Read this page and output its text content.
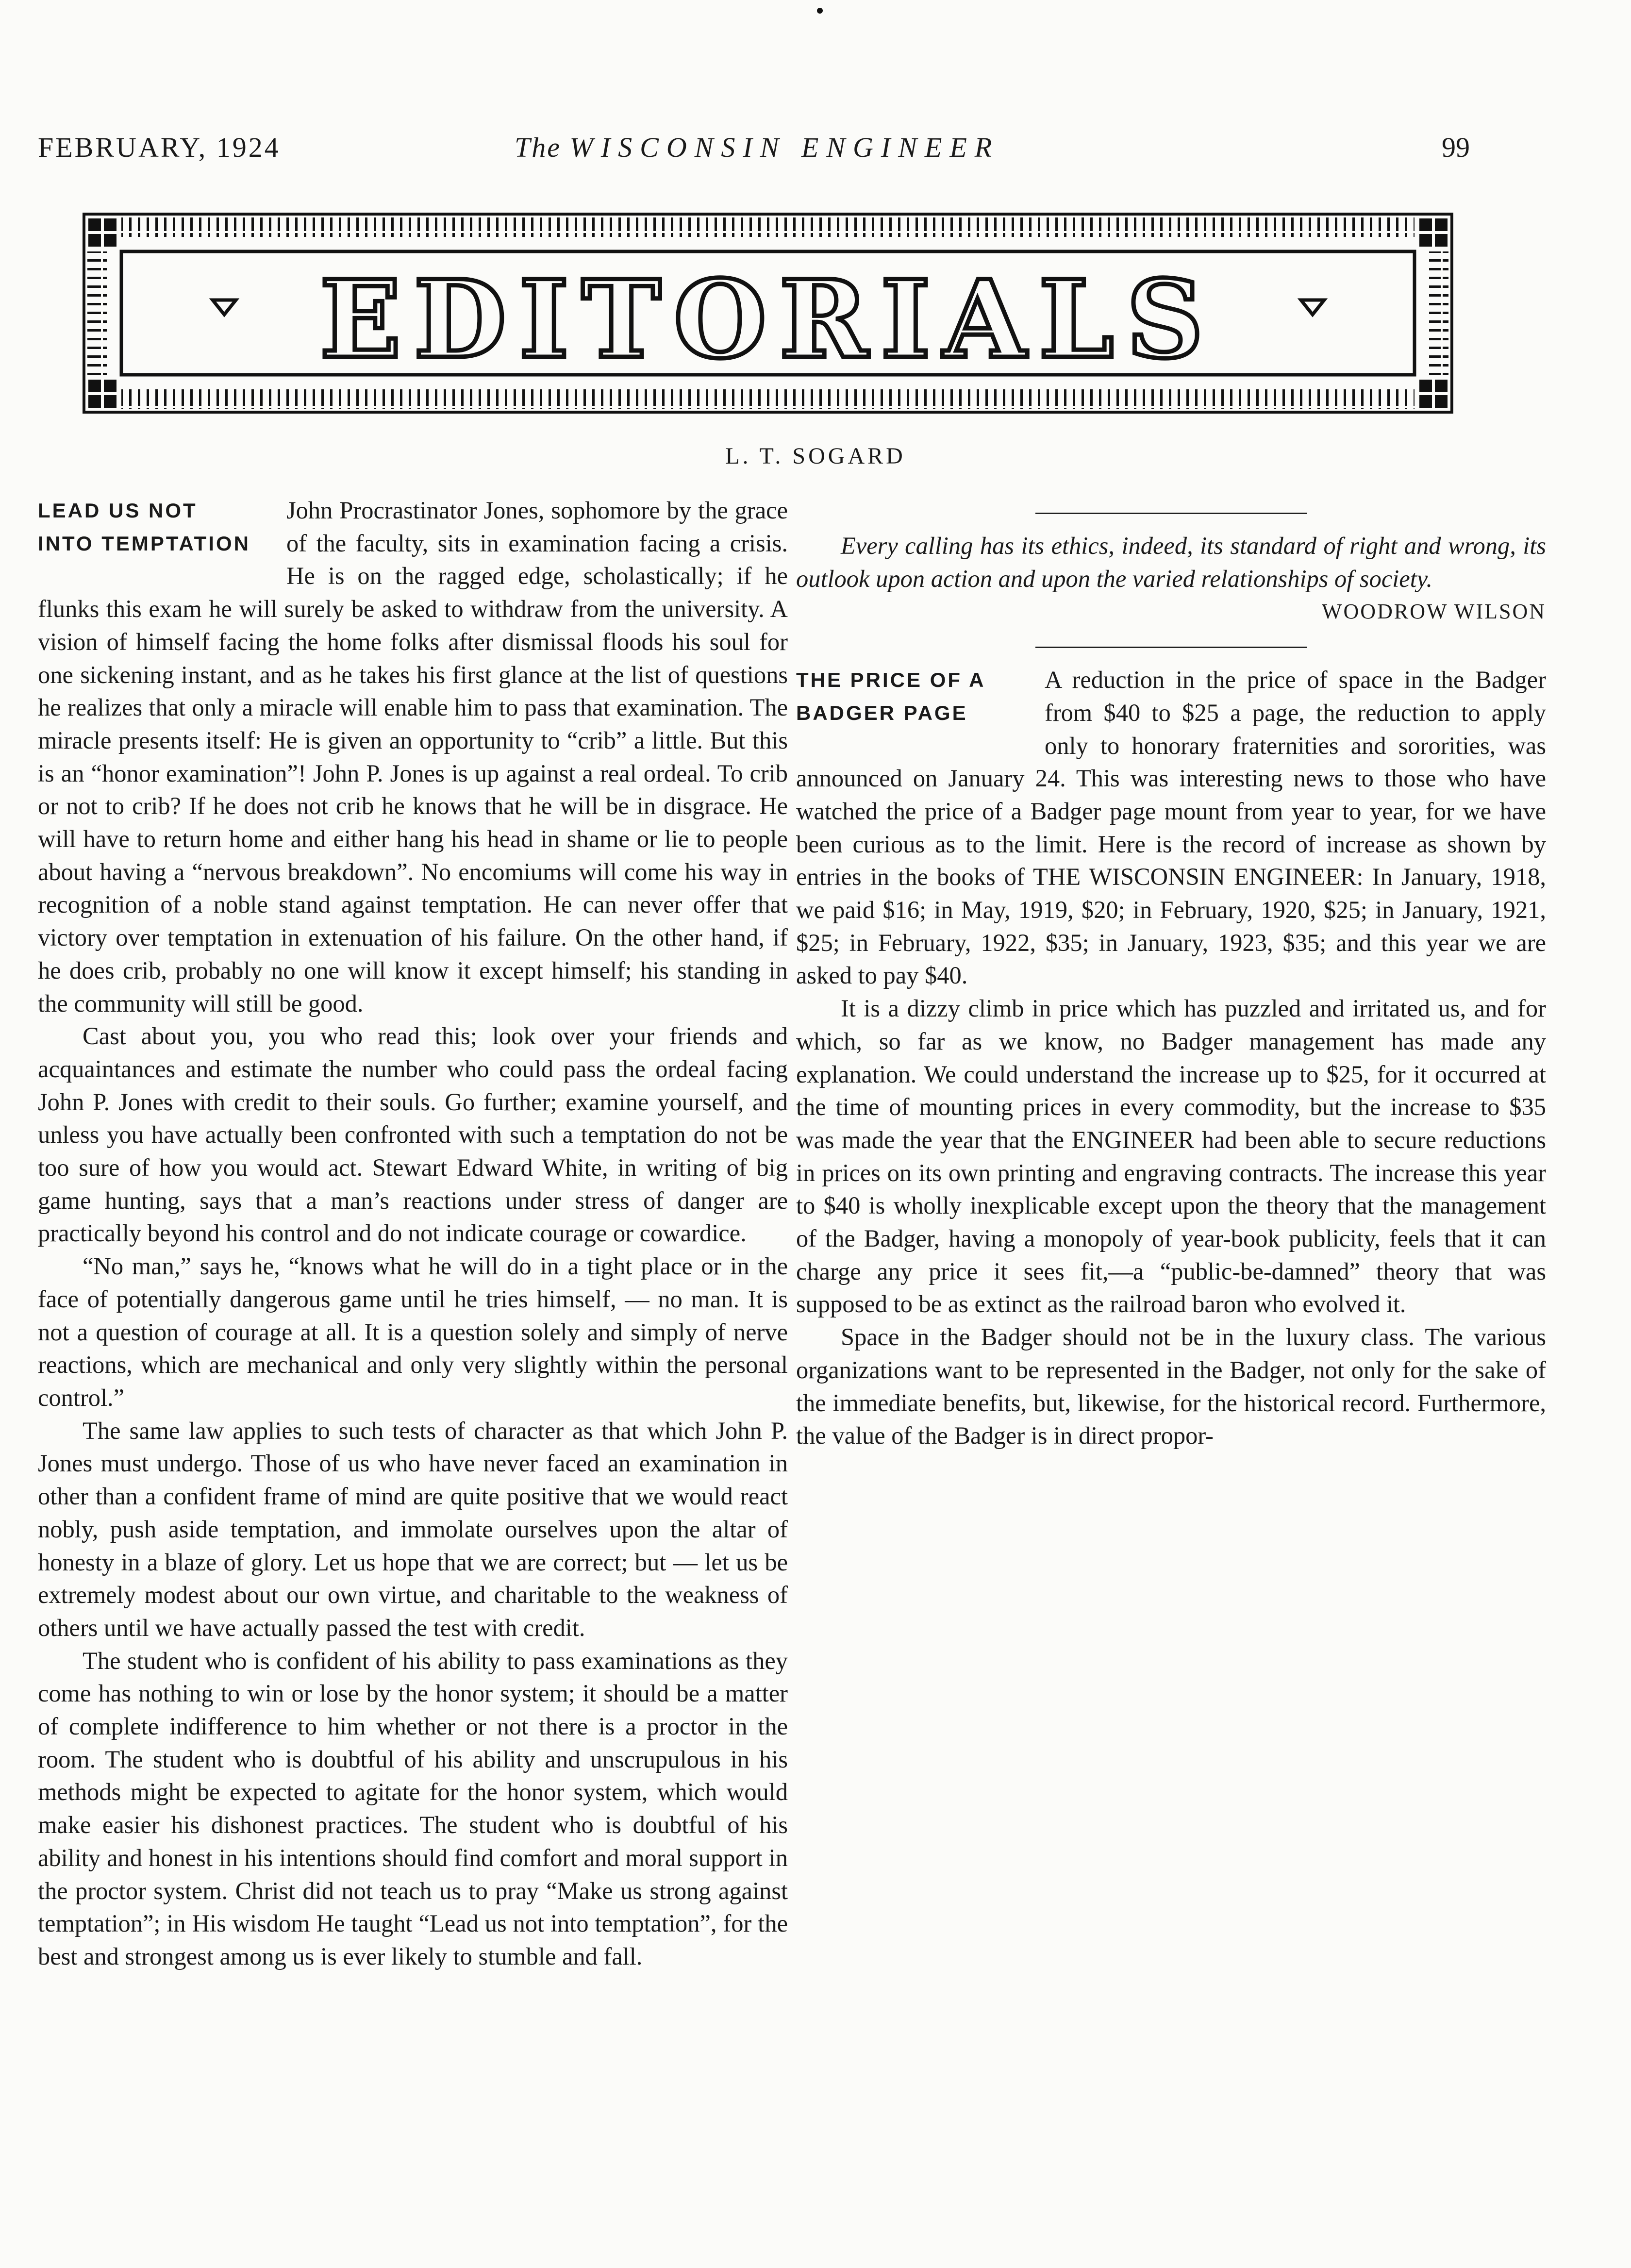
FEBRUARY, 1924	The WISCONSIN ENGINEER	99
EDITORIALS
L. T. SOGARD
LEAD US NOT
INTO TEMPTATION

John Procrastinator Jones, sophomore by the grace of the faculty, sits in examination facing a crisis. He is on the ragged edge, scholastically; if he flunks this exam he will surely be asked to withdraw from the university. A vision of himself facing the home folks after dismissal floods his soul for one sickening instant, and as he takes his first glance at the list of questions he realizes that only a miracle will enable him to pass that examination. The miracle presents itself: He is given an opportunity to “crib” a little. But this is an “honor examination”! John P. Jones is up against a real ordeal. To crib or not to crib? If he does not crib he knows that he will be in disgrace. He will have to return home and either hang his head in shame or lie to people about having a “nervous breakdown”. No encomiums will come his way in recognition of a noble stand against temptation. He can never offer that victory over temptation in extenuation of his failure. On the other hand, if he does crib, probably no one will know it except himself; his standing in the community will still be good.

Cast about you, you who read this; look over your friends and acquaintances and estimate the number who could pass the ordeal facing John P. Jones with credit to their souls. Go further; examine yourself, and unless you have actually been confronted with such a temptation do not be too sure of how you would act. Stewart Edward White, in writing of big game hunting, says that a man’s reactions under stress of danger are practically beyond his control and do not indicate courage or cowardice.

“No man,” says he, “knows what he will do in a tight place or in the face of potentially dangerous game until he tries himself, — no man. It is not a question of courage at all. It is a question solely and simply of nerve reactions, which are mechanical and only very slightly within the personal control.”

The same law applies to such tests of character as that which John P. Jones must undergo. Those of us who have never faced an examination in other than a confident frame of mind are quite positive that we would react nobly, push aside temptation, and immolate ourselves upon the altar of honesty in a blaze of glory. Let us hope that we are correct; but — let us be extremely modest about our own virtue, and charitable to the weakness of others until we have actually passed the test with credit.

The student who is confident of his ability to pass examinations as they come has nothing to win or lose by the honor system; it should be a matter of complete indifference to him whether or not there is a proctor in the room. The student who is doubtful of his ability and unscrupulous in his methods might be expected to agitate for the honor system, which would make easier his dishonest practices. The student who is doubtful of his ability and honest in his intentions should find comfort and moral support in the proctor system. Christ did not teach us to pray “Make us strong against temptation”; in His wisdom He taught “Lead us not into temptation”, for the best and strongest among us is ever likely to stumble and fall.

Every calling has its ethics, indeed, its standard of right and wrong, its outlook upon action and upon the varied relationships of society.

WOODROW WILSON

THE PRICE OF A
BADGER PAGE

A reduction in the price of space in the Badger from $40 to $25 a page, the reduction to apply only to honorary fraternities and sororities, was announced on January 24. This was interesting news to those who have watched the price of a Badger page mount from year to year, for we have been curious as to the limit. Here is the record of increase as shown by entries in the books of THE WISCONSIN ENGINEER: In January, 1918, we paid $16; in May, 1919, $20; in February, 1920, $25; in January, 1921, $25; in February, 1922, $35; in January, 1923, $35; and this year we are asked to pay $40.

It is a dizzy climb in price which has puzzled and irritated us, and for which, so far as we know, no Badger management has made any explanation. We could understand the increase up to $25, for it occurred at the time of mounting prices in every commodity, but the increase to $35 was made the year that the ENGINEER had been able to secure reductions in prices on its own printing and engraving contracts. The increase this year to $40 is wholly inexplicable except upon the theory that the management of the Badger, having a monopoly of year-book publicity, feels that it can charge any price it sees fit,—a “public-be-damned” theory that was supposed to be as extinct as the railroad baron who evolved it.

Space in the Badger should not be in the luxury class. The various organizations want to be represented in the Badger, not only for the sake of the immediate benefits, but, likewise, for the historical record. Furthermore, the value of the Badger is in direct propor-
